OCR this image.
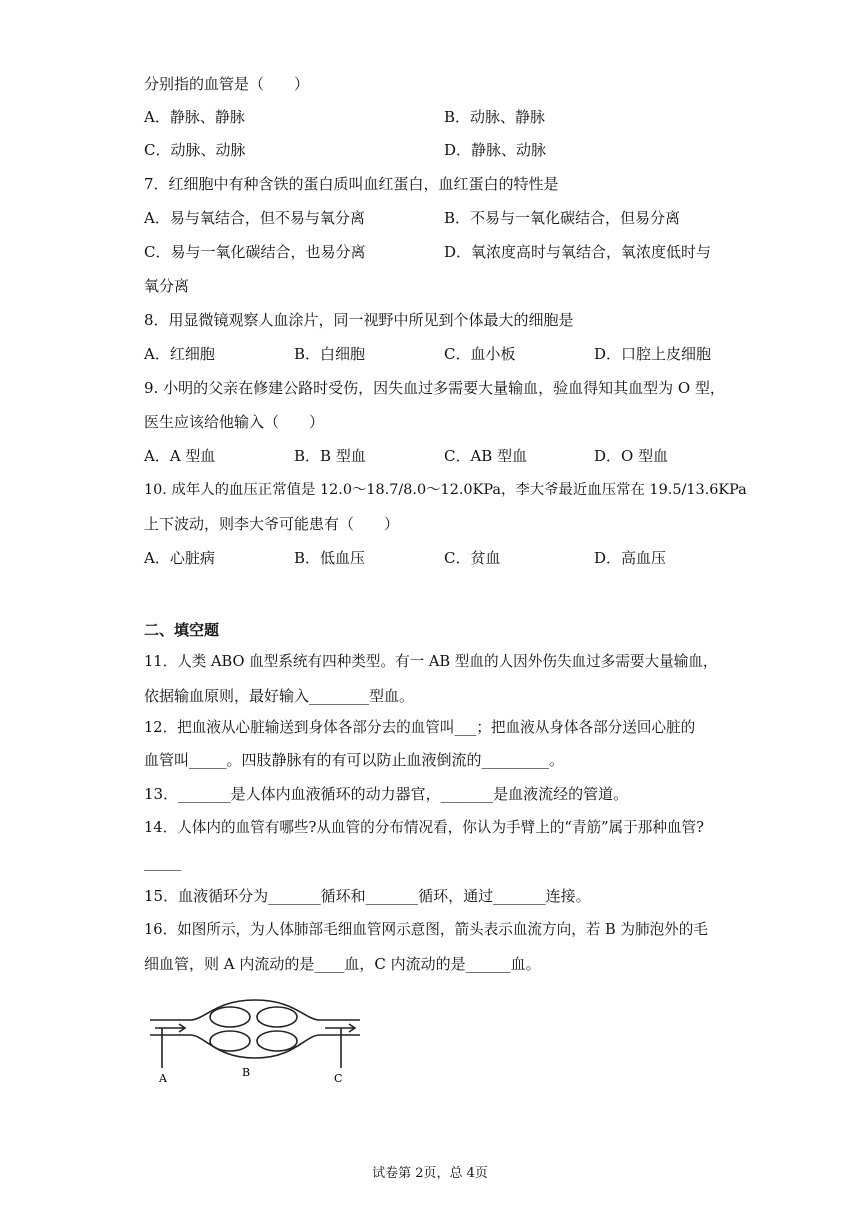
分别指的血管是（　　）
A．静脉、静脉	B．动脉、静脉
C．动脉、动脉	D．静脉、动脉
7．红细胞中有种含铁的蛋白质叫血红蛋白，血红蛋白的特性是
A．易与氧结合，但不易与氧分离	B．不易与一氧化碳结合，但易分离
C．易与一氧化碳结合，也易分离	D．氧浓度高时与氧结合，氧浓度低时与
氧分离
8．用显微镜观察人血涂片，同一视野中所见到个体最大的细胞是
A．红细胞	B．白细胞	C．血小板	D．口腔上皮细胞
9. 小明的父亲在修建公路时受伤，因失血过多需要大量输血，验血得知其血型为 O 型，
医生应该给他输入（　　）
A．A 型血	B．B 型血	C．AB 型血	D．O 型血
10. 成年人的血压正常值是 12.0～18.7/8.0～12.0KPa，李大爷最近血压常在 19.5/13.6KPa
上下波动，则李大爷可能患有（　　）
A．心脏病	B．低血压	C．贫血	D．高血压
二、填空题
11．人类 ABO 血型系统有四种类型。有一 AB 型血的人因外伤失血过多需要大量输血，
依据输血原则，最好输入________型血。
12．把血液从心脏输送到身体各部分去的血管叫___；把血液从身体各部分送回心脏的
血管叫_____。四肢静脉有的有可以防止血液倒流的_________。
13．_______是人体内血液循环的动力器官，_______是血液流经的管道。
14．人体内的血管有哪些?从血管的分布情况看，你认为手臂上的“青筋”属于那种血管?
_____
15．血液循环分为_______循环和_______循环，通过_______连接。
16．如图所示，为人体肺部毛细血管网示意图，箭头表示血流方向，若 B 为肺泡外的毛
细血管，则 A 内流动的是____血，C 内流动的是______血。
A	B	C
试卷第 2页，总 4页
